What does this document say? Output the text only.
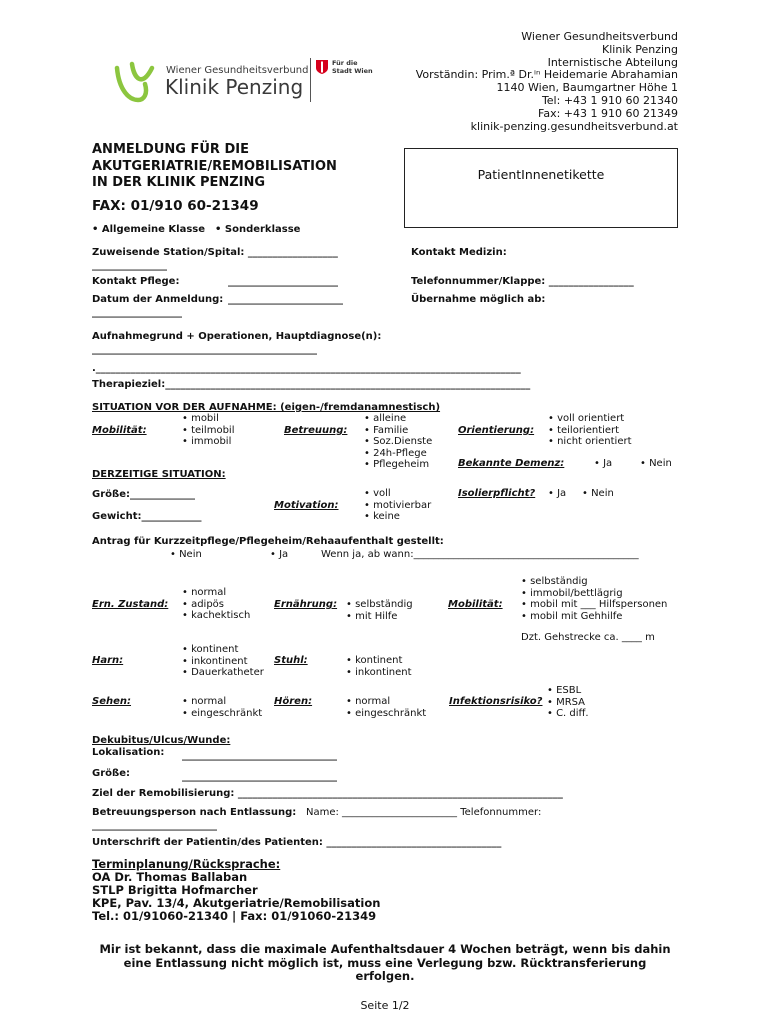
Wiener Gesundheitsverbund
Klinik Penzing
Für die
Stadt Wien
Wiener Gesundheitsverbund
Klinik Penzing
Internistische Abteilung
Vorständin: Prim.ª Dr.ⁱⁿ Heidemarie Abrahamian
1140 Wien, Baumgartner Höhe 1
Tel: +43 1 910 60 21340
Fax: +43 1 910 60 21349
klinik-penzing.gesundheitsverbund.at
ANMELDUNG FÜR DIE
AKUTGERIATRIE/REMOBILISATION
IN DER KLINIK PENZING
FAX: 01/910 60-21349
PatientInnenetikette
• Allgemeine Klasse • Sonderklasse
Zuweisende Station/Spital: __________________
_______________
Kontakt Medizin:
Kontakt Pflege:	______________________	Telefonnummer/Klappe: _________________
Datum der Anmeldung: _______________________
__________________
Übernahme möglich ab:
Aufnahmegrund + Operationen, Hauptdiagnose(n):
_____________________________________________
._____________________________________________________________________________________
Therapieziel:_________________________________________________________________________
SITUATION VOR DER AUFNAHME: (eigen-/fremdanamnestisch)
Mobilität:
• mobil
• teilmobil
• immobil
Betreuung:
• alleine
• Familie
• Soz.Dienste
• 24h-Pflege
• Pflegeheim
Orientierung:
• voll orientiert
• teilorientiert
• nicht orientiert
Bekannte Demenz:	• Ja	• Nein
DERZEITIGE SITUATION:
Größe:_____________
Gewicht:____________
Motivation:
• voll
• motivierbar
• keine
Isolierpflicht? • Ja • Nein
Antrag für Kurzzeitpflege/Pflegeheim/Rehaaufenthalt gestellt:
• Nein	• Ja	Wenn ja, ab wann:_____________________________________________
Ern. Zustand:
• normal
• adipös
• kachektisch
Ernährung: • selbständig
• mit Hilfe
Mobilität:
• selbständig
• immobil/bettlägrig
• mobil mit ___ Hilfspersonen
• mobil mit Gehhilfe
Dzt. Gehstrecke ca. ____ m
Harn:
• kontinent
• inkontinent
• Dauerkatheter
Stuhl:	• kontinent
• inkontinent
Sehen:	• normal
• eingeschränkt
Hören:	• normal
• eingeschränkt
Infektionsrisiko?
• ESBL
• MRSA
• C. diff.
Dekubitus/Ulcus/Wunde:
Lokalisation: _______________________________
Größe:	_______________________________
Ziel der Remobilisierung: _________________________________________________________________
Betreuungsperson nach Entlassung: Name: _______________________ Telefonnummer:
_________________________
Unterschrift der Patientin/des Patienten: ___________________________________
Terminplanung/Rücksprache:
OA Dr. Thomas Ballaban
STLP Brigitta Hofmarcher
KPE, Pav. 13/4, Akutgeriatrie/Remobilisation
Tel.: 01/91060-21340 | Fax: 01/91060-21349
Mir ist bekannt, dass die maximale Aufenthaltsdauer 4 Wochen beträgt, wenn bis dahin
eine Entlassung nicht möglich ist, muss eine Verlegung bzw. Rücktransferierung
erfolgen.
Seite 1/2
